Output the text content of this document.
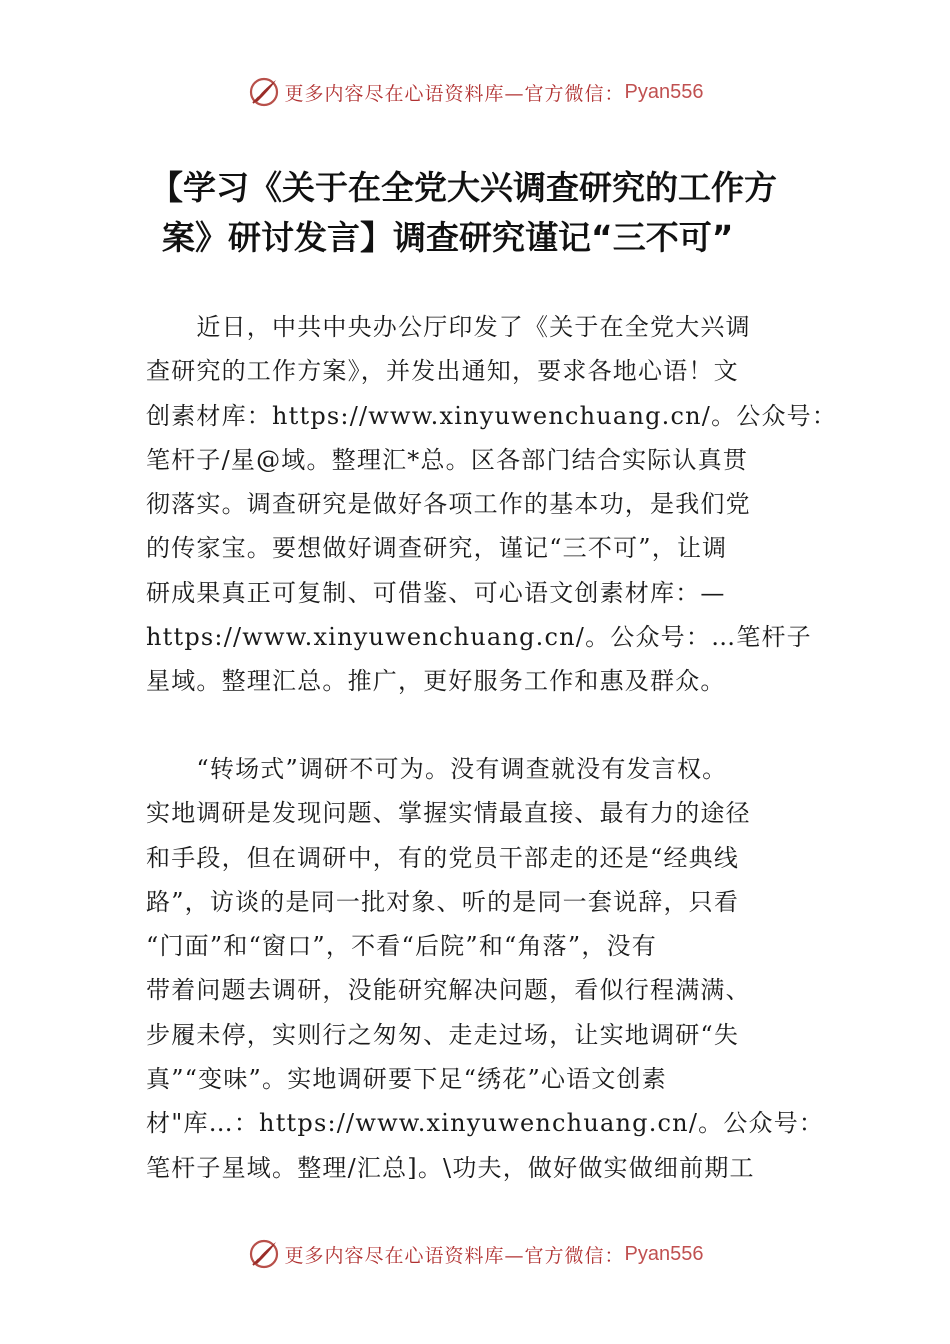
更多内容尽在心语资料库—官方微信： Pyan556
【学习《关于在全党大兴调查研究的工作方
案》研讨发言】调查研究谨记“三不可”
　　近日，中共中央办公厅印发了《关于在全党大兴调
查研究的工作方案》，并发出通知，要求各地心语！文
创素材库：https://www.xinyuwenchuang.cn/。公众号：
笔杆子/星@域。整理汇*总。区各部门结合实际认真贯
彻落实。调查研究是做好各项工作的基本功，是我们党
的传家宝。要想做好调查研究，谨记“三不可”，让调
研成果真正可复制、可借鉴、可心语文创素材库：—
https://www.xinyuwenchuang.cn/。公众号：…笔杆子
星域。整理汇总。推广，更好服务工作和惠及群众。
　　“转场式”调研不可为。没有调查就没有发言权。
实地调研是发现问题、掌握实情最直接、最有力的途径
和手段，但在调研中，有的党员干部走的还是“经典线
路”，访谈的是同一批对象、听的是同一套说辞，只看
“门面”和“窗口”，不看“后院”和“角落”，没有
带着问题去调研，没能研究解决问题，看似行程满满、
步履未停，实则行之匆匆、走走过场，让实地调研“失
真”“变味”。实地调研要下足“绣花”心语文创素
材"库…：https://www.xinyuwenchuang.cn/。公众号：
笔杆子星域。整理/汇总]。\功夫，做好做实做细前期工
更多内容尽在心语资料库—官方微信： Pyan556
